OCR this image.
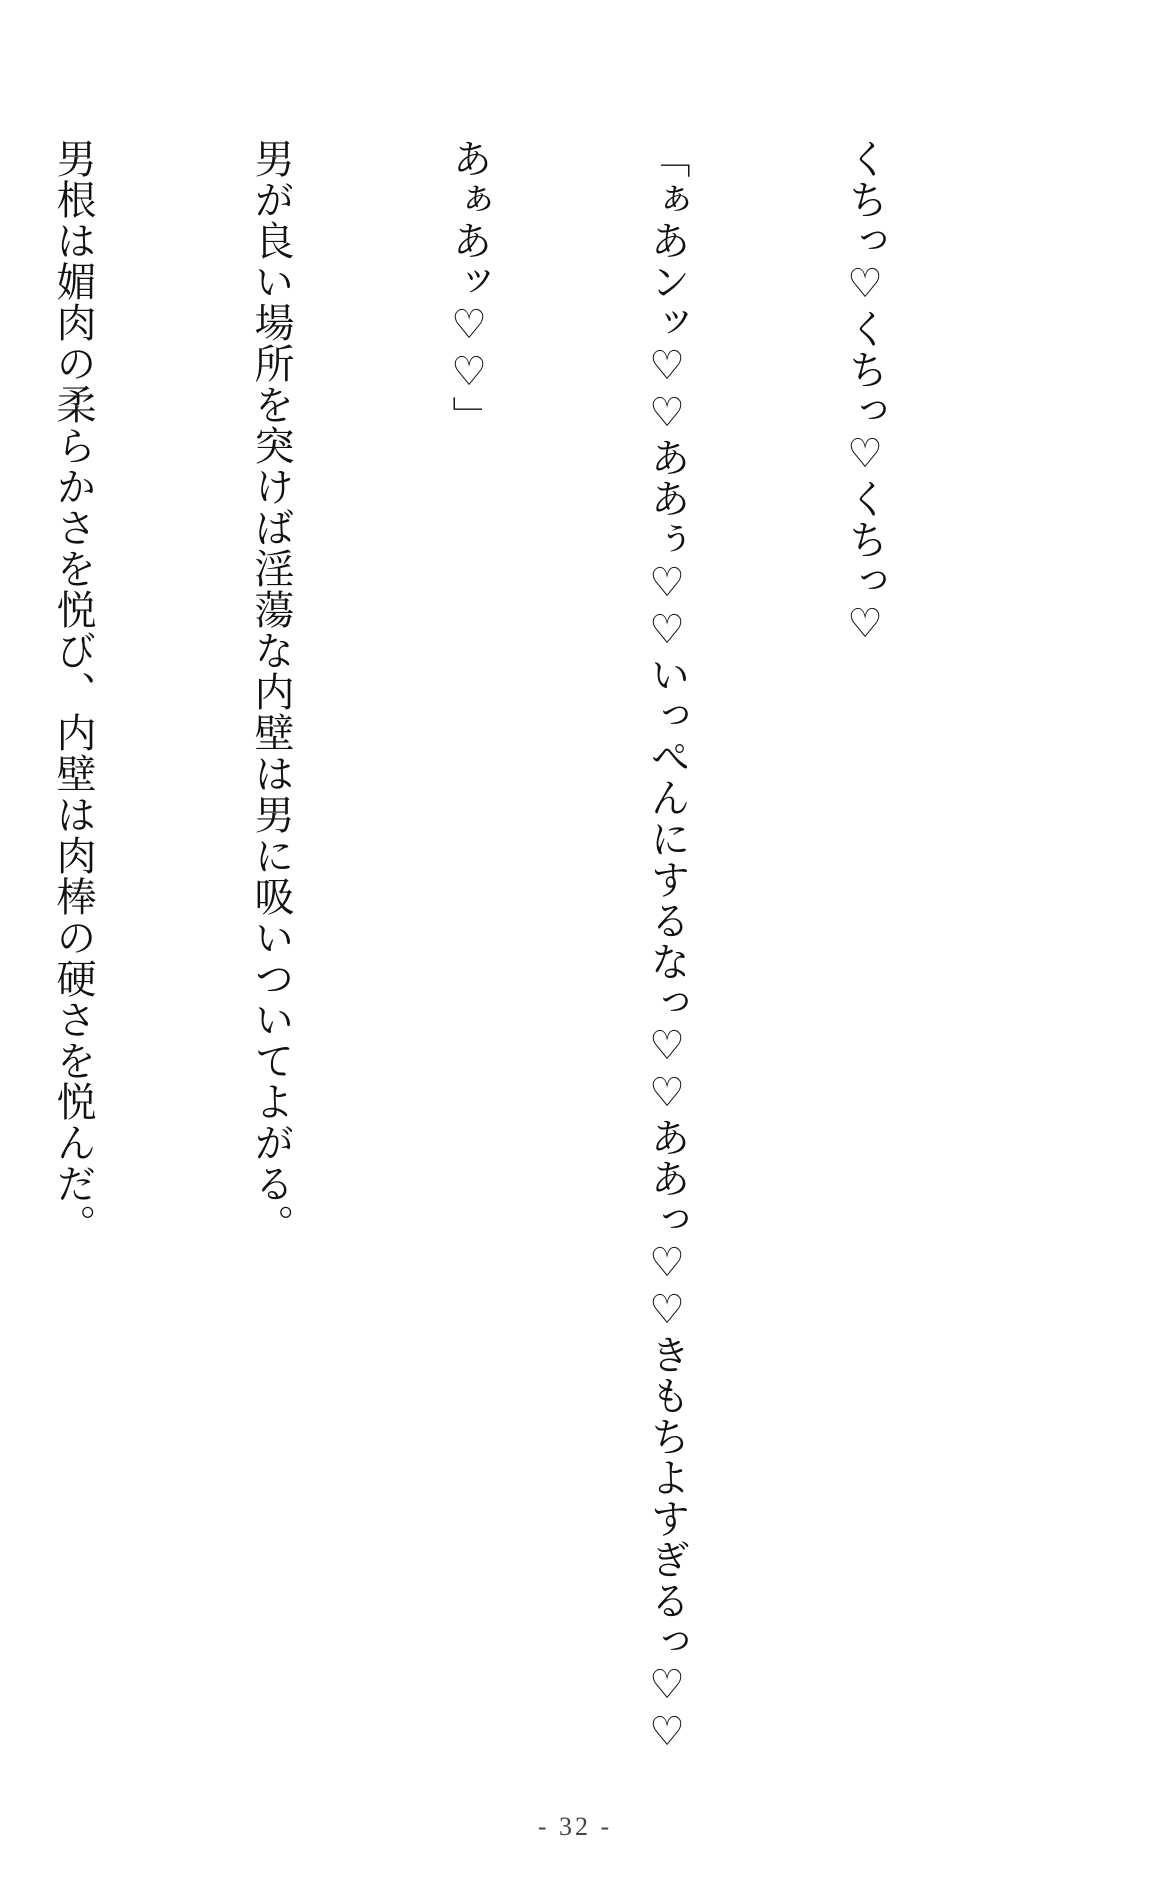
くちっ♡くちっ♡くちっ♡

「ぁあンッ♡♡ああぅ♡♡いっぺんにするなっ♡♡ああっ♡♡きもちよすぎるっ♡♡

あぁあッ♡♡」

男が良い場所を突けば淫蕩な内壁は男に吸いついてよがる。

男根は媚肉の柔らかさを悦び、内壁は肉棒の硬さを悦んだ。

- 32 -
